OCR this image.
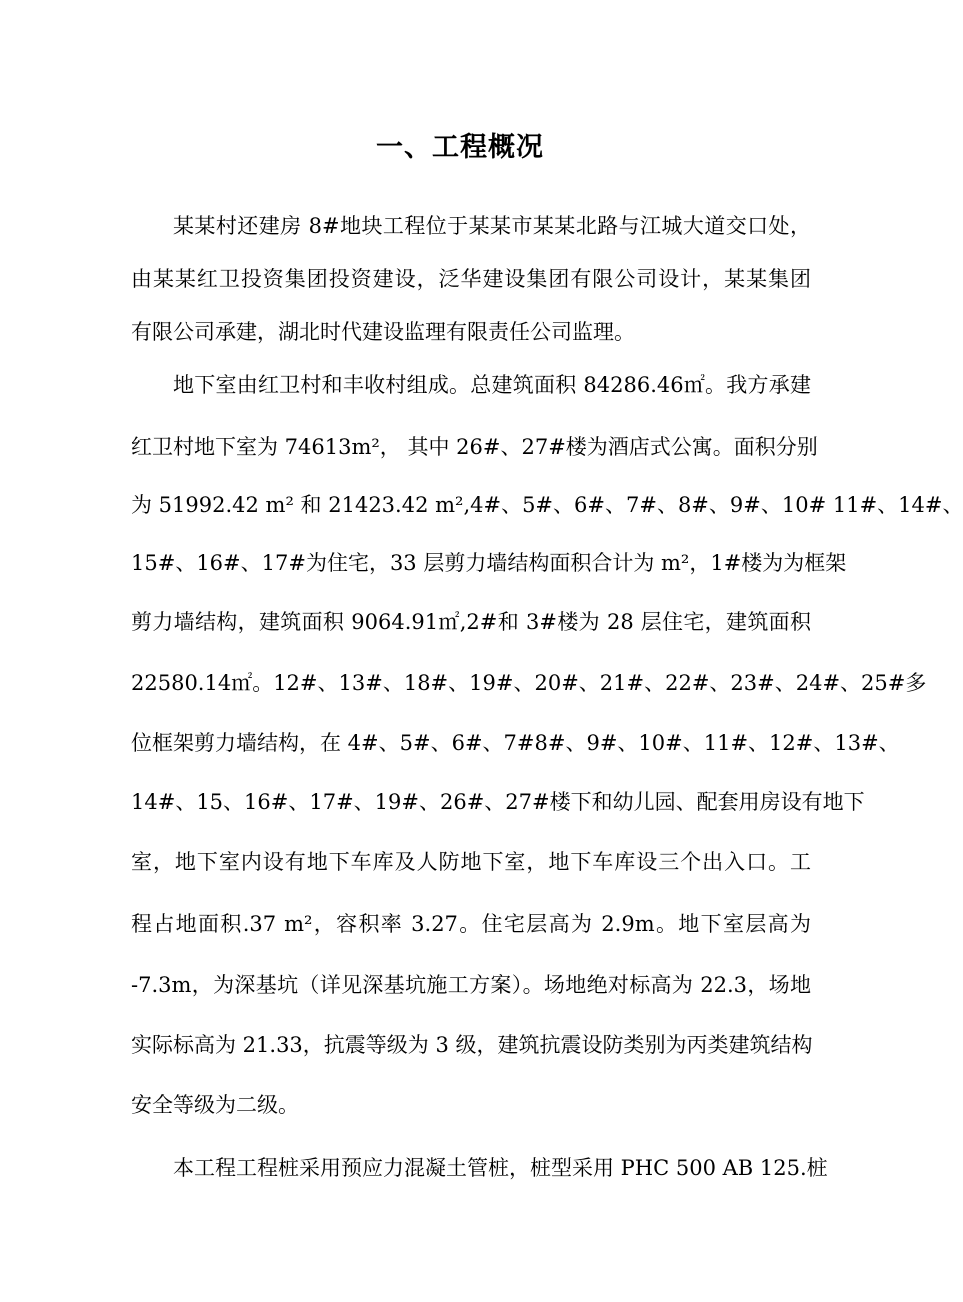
一、工程概况
某某村还建房 8#地块工程位于某某市某某北路与江城大道交口处，
由某某红卫投资集团投资建设，泛华建设集团有限公司设计，某某集团
有限公司承建，湖北时代建设监理有限责任公司监理。
地下室由红卫村和丰收村组成。总建筑面积 84286.46㎡。我方承建
红卫村地下室为 74613m²， 其中 26#、27#楼为酒店式公寓。面积分别
为 51992.42 m² 和 21423.42 m²,4#、5#、6#、7#、8#、9#、10# 11#、14#、
15#、16#、17#为住宅，33 层剪力墙结构面积合计为 m²，1#楼为为框架
剪力墙结构，建筑面积 9064.91㎡,2#和 3#楼为 28 层住宅，建筑面积
22580.14㎡。12#、13#、18#、19#、20#、21#、22#、23#、24#、25#多
位框架剪力墙结构，在 4#、5#、6#、7#8#、9#、10#、11#、12#、13#、
14#、15、16#、17#、19#、26#、27#楼下和幼儿园、配套用房设有地下
室，地下室内设有地下车库及人防地下室，地下车库设三个出入口。工
程占地面积.37 m²，容积率 3.27。住宅层高为 2.9m。地下室层高为
-7.3m，为深基坑（详见深基坑施工方案）。场地绝对标高为 22.3，场地
实际标高为 21.33，抗震等级为 3 级，建筑抗震设防类别为丙类建筑结构
安全等级为二级。
本工程工程桩采用预应力混凝土管桩，桩型采用 PHC 500 AB 125.桩
